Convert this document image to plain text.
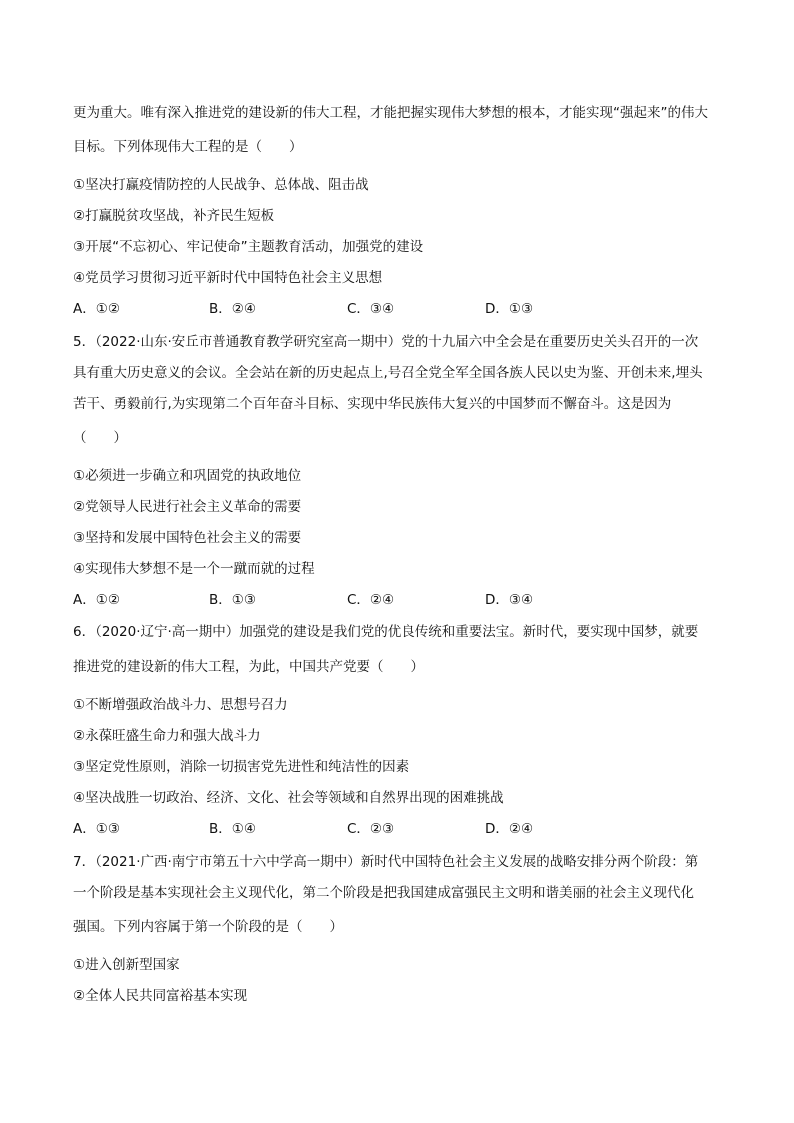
更为重大。唯有深入推进党的建设新的伟大工程，才能把握实现伟大梦想的根本，才能实现“强起来”的伟大
目标。下列体现伟大工程的是（　　）
①坚决打赢疫情防控的人民战争、总体战、阻击战
②打赢脱贫攻坚战，补齐民生短板
③开展“不忘初心、牢记使命”主题教育活动，加强党的建设
④党员学习贯彻习近平新时代中国特色社会主义思想
A．①②	B．②④	C．③④	D．①③
5．（2022·山东·安丘市普通教育教学研究室高一期中）党的十九届六中全会是在重要历史关头召开的一次
具有重大历史意义的会议。全会站在新的历史起点上,号召全党全军全国各族人民以史为鉴、开创未来,埋头
苦干、勇毅前行,为实现第二个百年奋斗目标、实现中华民族伟大复兴的中国梦而不懈奋斗。这是因为
（　　）
①必须进一步确立和巩固党的执政地位
②党领导人民进行社会主义革命的需要
③坚持和发展中国特色社会主义的需要
④实现伟大梦想不是一个一蹴而就的过程
A．①②	B．①③	C．②④	D．③④
6．（2020·辽宁·高一期中）加强党的建设是我们党的优良传统和重要法宝。新时代，要实现中国梦，就要
推进党的建设新的伟大工程，为此，中国共产党要（　　）
①不断增强政治战斗力、思想号召力
②永葆旺盛生命力和强大战斗力
③坚定党性原则，消除一切损害党先进性和纯洁性的因素
④坚决战胜一切政治、经济、文化、社会等领域和自然界出现的困难挑战
A．①③	B．①④	C．②③	D．②④
7．（2021·广西·南宁市第五十六中学高一期中）新时代中国特色社会主义发展的战略安排分两个阶段：第
一个阶段是基本实现社会主义现代化，第二个阶段是把我国建成富强民主文明和谐美丽的社会主义现代化
强国。下列内容属于第一个阶段的是（　　）
①进入创新型国家
②全体人民共同富裕基本实现
